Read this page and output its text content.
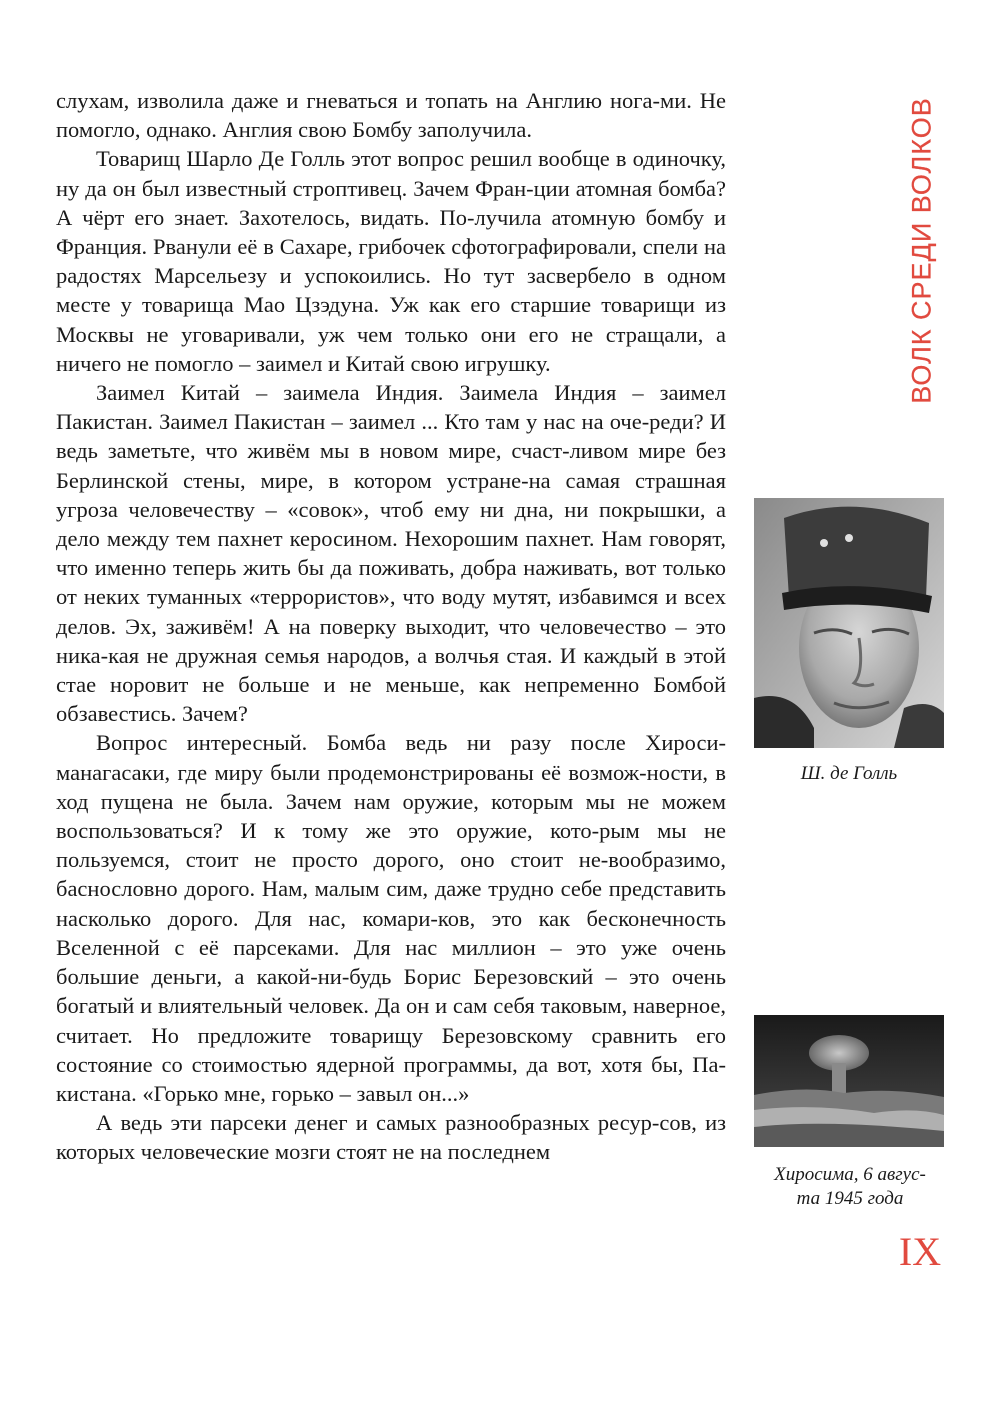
ВОЛК СРЕДИ ВОЛКОВ

слухам, изволила даже и гневаться и топать на Англию нога-ми. Не помогло, однако. Англия свою Бомбу заполучила.

Товарищ Шарло Де Голль этот вопрос решил вообще в одиночку, ну да он был известный строптивец. Зачем Фран-ции атомная бомба? А чёрт его знает. Захотелось, видать. По-лучила атомную бомбу и Франция. Рванули её в Сахаре, грибочек сфотографировали, спели на радостях Марсельезу и успокоились. Но тут засвербело в одном месте у товарища Мао Цзэдуна. Уж как его старшие товарищи из Москвы не уговаривали, уж чем только они его не стращали, а ничего не помогло – заимел и Китай свою игрушку.

Заимел Китай – заимела Индия. Заимела Индия – заимел Пакистан. Заимел Пакистан – заимел ... Кто там у нас на оче-реди? И ведь заметьте, что живём мы в новом мире, счаст-ливом мире без Берлинской стены, мире, в котором устране-на самая страшная угроза человечеству – «совок», чтоб ему ни дна, ни покрышки, а дело между тем пахнет керосином. Нехорошим пахнет. Нам говорят, что именно теперь жить бы да поживать, добра наживать, вот только от неких туманных «террористов», что воду мутят, избавимся и всех делов. Эх, заживём! А на поверку выходит, что человечество – это ника-кая не дружная семья народов, а волчья стая. И каждый в этой стае норовит не больше и не меньше, как непременно Бомбой обзавестись. Зачем?

Вопрос интересный. Бомба ведь ни разу после Хироси-манагасаки, где миру были продемонстрированы её возмож-ности, в ход пущена не была. Зачем нам оружие, которым мы не можем воспользоваться? И к тому же это оружие, кото-рым мы не пользуемся, стоит не просто дорого, оно стоит не-вообразимо, баснословно дорого. Нам, малым сим, даже трудно себе представить насколько дорого. Для нас, комари-ков, это как бесконечность Вселенной с её парсеками. Для нас миллион – это уже очень большие деньги, а какой-ни-будь Борис Березовский – это очень богатый и влиятельный человек. Да он и сам себя таковым, наверное, считает. Но предложите товарищу Березовскому сравнить его состояние со стоимостью ядерной программы, да вот, хотя бы, Па-кистана. «Горько мне, горько – завыл он...»

А ведь эти парсеки денег и самых разнообразных ресур-сов, из которых человеческие мозги стоят не на последнем

Ш. де Голль
Хиросима, 6 авгус-
та 1945 года
IX
